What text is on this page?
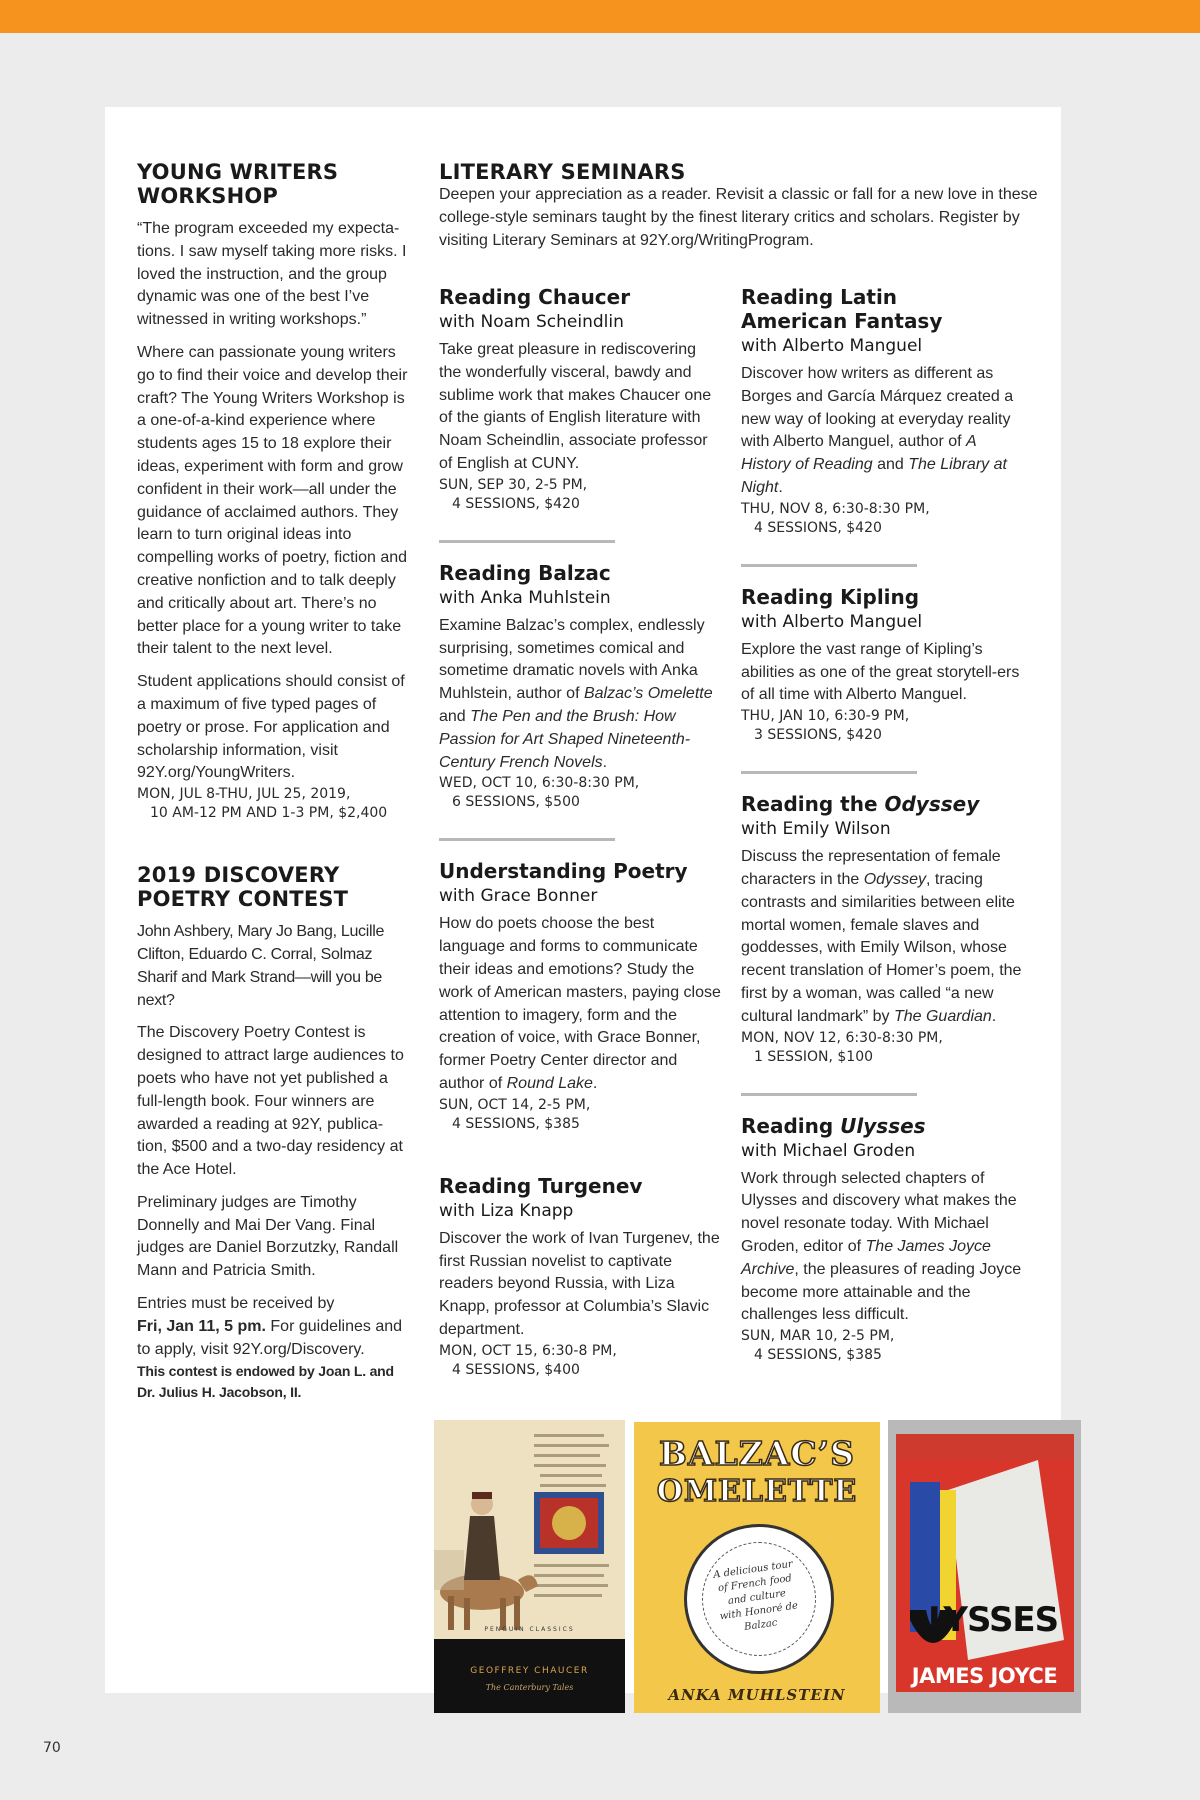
YOUNG WRITERS
WORKSHOP

“The program exceeded my expecta-tions. I saw myself taking more risks. I loved the instruction, and the group dynamic was one of the best I’ve witnessed in writing workshops.”

Where can passionate young writers go to find their voice and develop their craft? The Young Writers Workshop is a one-of-a-kind experience where students ages 15 to 18 explore their ideas, experiment with form and grow confident in their work—all under the guidance of acclaimed authors. They learn to turn original ideas into compelling works of poetry, fiction and creative nonfiction and to talk deeply and critically about art. There’s no better place for a young writer to take their talent to the next level.

Student applications should consist of a maximum of five typed pages of poetry or prose. For application and scholarship information, visit 92Y.org/YoungWriters.

MON, JUL 8-THU, JUL 25, 2019,
10 AM-12 PM AND 1-3 PM, $2,400

2019 DISCOVERY
POETRY CONTEST

John Ashbery, Mary Jo Bang, Lucille Clifton, Eduardo C. Corral, Solmaz Sharif and Mark Strand—will you be next?

The Discovery Poetry Contest is designed to attract large audiences to poets who have not yet published a full-length book. Four winners are awarded a reading at 92Y, publica-tion, $500 and a two-day residency at the Ace Hotel.

Preliminary judges are Timothy Donnelly and Mai Der Vang. Final judges are Daniel Borzutzky, Randall Mann and Patricia Smith.

Entries must be received by
Fri, Jan 11, 5 pm. For guidelines and to apply, visit 92Y.org/Discovery.

This contest is endowed by Joan L. and
Dr. Julius H. Jacobson, II.
LITERARY SEMINARS

Deepen your appreciation as a reader. Revisit a classic or fall for a new love in these college-style seminars taught by the finest literary critics and scholars. Register by visiting Literary Seminars at 92Y.org/WritingProgram.

Reading Chaucer
with Noam Scheindlin

Take great pleasure in rediscovering the wonderfully visceral, bawdy and sublime work that makes Chaucer one of the giants of English literature with Noam Scheindlin, associate professor of English at CUNY.

SUN, SEP 30, 2-5 PM,
4 SESSIONS, $420

Reading Balzac
with Anka Muhlstein

Examine Balzac’s complex, endlessly surprising, sometimes comical and sometime dramatic novels with Anka Muhlstein, author of Balzac’s Omelette and The Pen and the Brush: How Passion for Art Shaped Nineteenth-Century French Novels.

WED, OCT 10, 6:30-8:30 PM,
6 SESSIONS, $500

Understanding Poetry
with Grace Bonner

How do poets choose the best language and forms to communicate their ideas and emotions? Study the work of American masters, paying close attention to imagery, form and the creation of voice, with Grace Bonner, former Poetry Center director and author of Round Lake.

SUN, OCT 14, 2-5 PM,
4 SESSIONS, $385

Reading Turgenev
with Liza Knapp

Discover the work of Ivan Turgenev, the first Russian novelist to captivate readers beyond Russia, with Liza Knapp, professor at Columbia’s Slavic department.

MON, OCT 15, 6:30-8 PM,
4 SESSIONS, $400

Reading Latin
American Fantasy
with Alberto Manguel

Discover how writers as different as Borges and García Márquez created a new way of looking at everyday reality with Alberto Manguel, author of A History of Reading and The Library at Night.

THU, NOV 8, 6:30-8:30 PM,
4 SESSIONS, $420

Reading Kipling
with Alberto Manguel

Explore the vast range of Kipling’s abilities as one of the great storytell-ers of all time with Alberto Manguel.

THU, JAN 10, 6:30-9 PM,
3 SESSIONS, $420

Reading the Odyssey
with Emily Wilson

Discuss the representation of female characters in the Odyssey, tracing contrasts and similarities between elite mortal women, female slaves and goddesses, with Emily Wilson, whose recent translation of Homer’s poem, the first by a woman, was called “a new cultural landmark” by The Guardian.

MON, NOV 12, 6:30-8:30 PM,
1 SESSION, $100

Reading Ulysses
with Michael Groden

Work through selected chapters of Ulysses and discovery what makes the novel resonate today. With Michael Groden, editor of The James Joyce Archive, the pleasures of reading Joyce become more attainable and the challenges less difficult.

SUN, MAR 10, 2-5 PM,
4 SESSIONS, $385

PENGUIN CLASSICS
GEOFFREY CHAUCER
The Canterbury Tales
BALZAC’S
OMELETTE
A delicious tour of French food and culture with Honoré de Balzac
ANKA MUHLSTEIN
LYSSES
JAMES JOYCE
70
